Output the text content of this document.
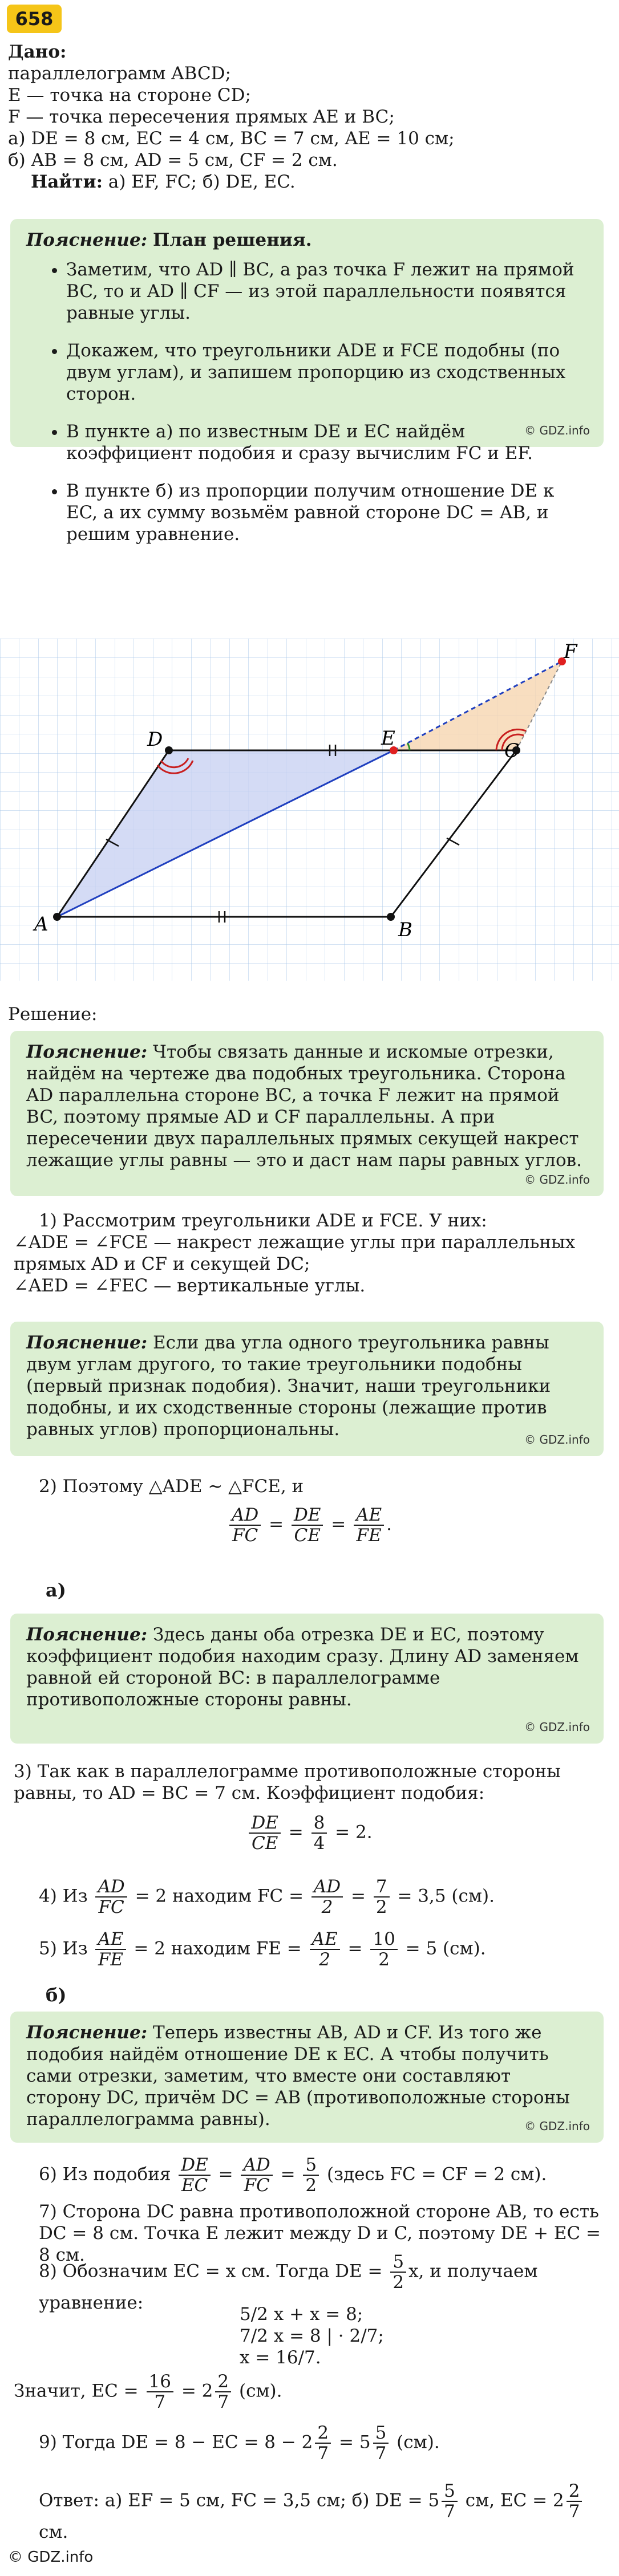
658
Дано:
параллелограмм ABCD;
E — точка на стороне CD;
F — точка пересечения прямых AE и BC;
а) DE = 8 см, EC = 4 см, BC = 7 см, AE = 10 см;
б) AB = 8 см, AD = 5 см, CF = 2 см.
Найти: а) EF, FC; б) DE, EC.
Пояснение: План решения.
• Заметим, что AD ∥ BC, а раз точка F лежит на прямой BC, то и AD ∥ CF — из этой параллельности появятся равные углы.
• Докажем, что треугольники ADE и FCE подобны (по двум углам), и запишем пропорцию из сходственных сторон.
• В пункте а) по известным DE и EC найдём коэффициент подобия и сразу вычислим FC и EF.
• В пункте б) из пропорции получим отношение DE к EC, а их сумму возьмём равной стороне DC = AB, и решим уравнение.
© GDZ.info
A	B
C
D	E
F
Решение:
Пояснение: Чтобы связать данные и искомые отрезки, найдём на чертеже два подобных треугольника. Сторона AD параллельна стороне BC, а точка F лежит на прямой BC, поэтому прямые AD и CF параллельны. А при пересечении двух параллельных прямых секущей накрест лежащие углы равны — это и даст нам пары равных углов.
© GDZ.info
1) Рассмотрим треугольники ADE и FCE. У них:
∠ADE = ∠FCE — накрест лежащие углы при параллельных прямых AD и CF и секущей DC;
∠AED = ∠FEC — вертикальные углы.
Пояснение: Если два угла одного треугольника равны двум углам другого, то такие треугольники подобны (первый признак подобия). Значит, наши треугольники подобны, и их сходственные стороны (лежащие против равных углов) пропорциональны.	© GDZ.info
2) Поэтому △ADE ∼ △FCE, и
$\frac{AD}{FC} = \frac{DE}{CE} = \frac{AE}{FE}$ .
а)
Пояснение: Здесь даны оба отрезка DE и EC, поэтому коэффициент подобия находим сразу. Длину AD заменяем равной ей стороной BC: в параллелограмме противоположные стороны равны.
© GDZ.info
3) Так как в параллелограмме противоположные стороны равны, то AD = BC = 7 см. Коэффициент подобия:
$\frac{DE}{CE} = \frac{8}{4} = 2$.
4) Из $\frac{AD}{FC} = 2$ находим FC = $\frac{AD}{2} = \frac{7}{2} = 3,5$ (см).
5) Из $\frac{AE}{FE} = 2$ находим FE = $\frac{AE}{2} = \frac{10}{2} = 5$ (см).
б)
Пояснение: Теперь известны AB, AD и CF. Из того же подобия найдём отношение DE к EC. А чтобы получить сами отрезки, заметим, что вместе они составляют сторону DC, причём DC = AB (противоположные стороны параллелограмма равны).	© GDZ.info
6) Из подобия $\frac{DE}{EC} = \frac{AD}{FC} = \frac{5}{2}$ (здесь FC = CF = 2 см).
7) Сторона DC равна противоположной стороне AB, то есть DC = 8 см. Точка E лежит между D и C, поэтому DE + EC = 8 см.
8) Обозначим EC = x см. Тогда DE = $\frac{5}{2} x$, и получаем уравнение:
5/2 x + x = 8;
7/2 x = 8 | · 2/7;
x = 16/7.
Значит, EC = $\frac{16}{7} = 2 \frac{2}{7} (см)$.
9) Тогда DE = 8 − EC = $8 - 2 \frac{2}{7} = 5 \frac{5}{7} (см)$.
Ответ: а) EF = 5 см, FC = 3,5 см; б) DE = $5 \frac{5}{7}$ см, EC = $2 \frac{2}{7}$
см.
© GDZ.info
